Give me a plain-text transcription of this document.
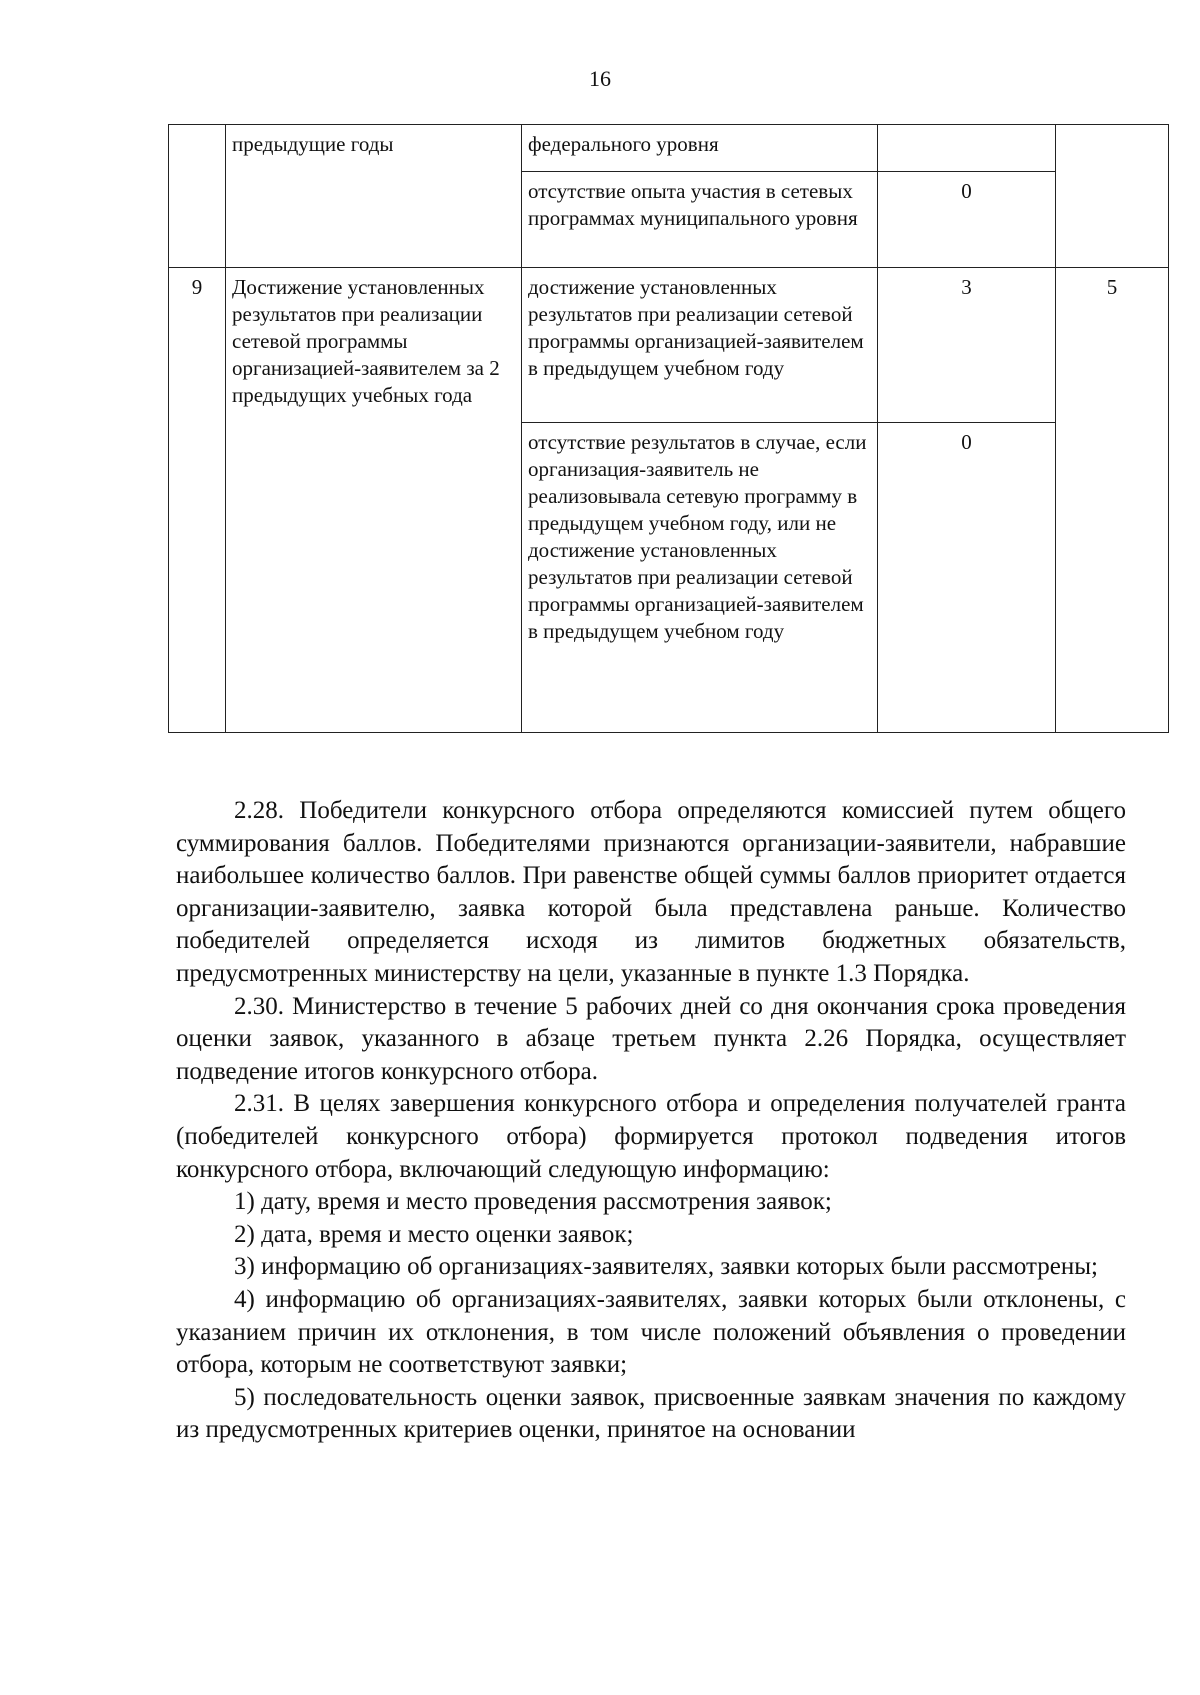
16
	предыдущие годы	федерального уровня		
		отсутствие опыта участия в сетевых программах муниципального уровня	0	
9	Достижение установленных результатов при реализации сетевой программы организацией-заявителем за 2 предыдущих учебных года	достижение установленных результатов при реализации сетевой программы организацией-заявителем в предыдущем учебном году	3	5
		отсутствие результатов в случае, если организация-заявитель не реализовывала сетевую программу в предыдущем учебном году, или не достижение установленных результатов при реализации сетевой программы организацией-заявителем в предыдущем учебном году	0	

2.28. Победители конкурсного отбора определяются комиссией путем общего суммирования баллов. Победителями признаются организации-заявители, набравшие наибольшее количество баллов. При равенстве общей суммы баллов приоритет отдается организации-заявителю, заявка которой была представлена раньше. Количество победителей определяется исходя из лимитов бюджетных обязательств, предусмотренных министерству на цели, указанные в пункте 1.3 Порядка.

2.30. Министерство в течение 5 рабочих дней со дня окончания срока проведения оценки заявок, указанного в абзаце третьем пункта 2.26 Порядка, осуществляет подведение итогов конкурсного отбора.

2.31. В целях завершения конкурсного отбора и определения получателей гранта (победителей конкурсного отбора) формируется протокол подведения итогов конкурсного отбора, включающий следующую информацию:

1) дату, время и место проведения рассмотрения заявок;

2) дата, время и место оценки заявок;

3) информацию об организациях-заявителях, заявки которых были рассмотрены;

4) информацию об организациях-заявителях, заявки которых были отклонены, с указанием причин их отклонения, в том числе положений объявления о проведении отбора, которым не соответствуют заявки;

5) последовательность оценки заявок, присвоенные заявкам значения по каждому из предусмотренных критериев оценки, принятое на основании
